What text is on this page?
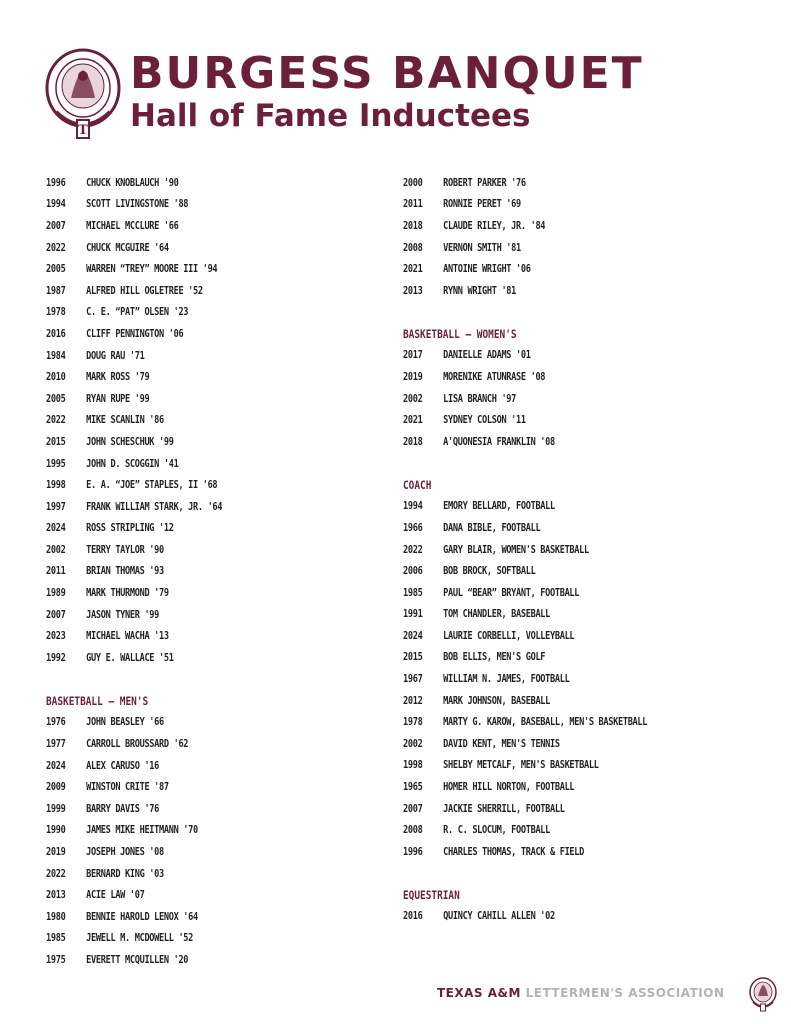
T
BURGESS BANQUET
Hall of Fame Inductees
1996	CHUCK KNOBLAUCH '90
1994	SCOTT LIVINGSTONE '88
2007	MICHAEL MCCLURE '66
2022	CHUCK MCGUIRE '64
2005	WARREN “TREY” MOORE III '94
1987	ALFRED HILL OGLETREE '52
1978	C. E. “PAT” OLSEN '23
2016	CLIFF PENNINGTON '06
1984	DOUG RAU '71
2010	MARK ROSS '79
2005	RYAN RUPE '99
2022	MIKE SCANLIN '86
2015	JOHN SCHESCHUK '99
1995	JOHN D. SCOGGIN '41
1998	E. A. “JOE” STAPLES, II '68
1997	FRANK WILLIAM STARK, JR. '64
2024	ROSS STRIPLING '12
2002	TERRY TAYLOR '90
2011	BRIAN THOMAS '93
1989	MARK THURMOND '79
2007	JASON TYNER '99
2023	MICHAEL WACHA '13
1992	GUY E. WALLACE '51
BASKETBALL – MEN'S
1976	JOHN BEASLEY '66
1977	CARROLL BROUSSARD '62
2024	ALEX CARUSO '16
2009	WINSTON CRITE '87
1999	BARRY DAVIS '76
1990	JAMES MIKE HEITMANN '70
2019	JOSEPH JONES '08
2022	BERNARD KING '03
2013	ACIE LAW '07
1980	BENNIE HAROLD LENOX '64
1985	JEWELL M. MCDOWELL '52
1975	EVERETT MCQUILLEN '20
2000	ROBERT PARKER '76
2011	RONNIE PERET '69
2018	CLAUDE RILEY, JR. '84
2008	VERNON SMITH '81
2021	ANTOINE WRIGHT '06
2013	RYNN WRIGHT '81
BASKETBALL – WOMEN'S
2017	DANIELLE ADAMS '01
2019	MORENIKE ATUNRASE '08
2002	LISA BRANCH '97
2021	SYDNEY COLSON '11
2018	A'QUONESIA FRANKLIN '08
COACH
1994	EMORY BELLARD, FOOTBALL
1966	DANA BIBLE, FOOTBALL
2022	GARY BLAIR, WOMEN'S BASKETBALL
2006	BOB BROCK, SOFTBALL
1985	PAUL “BEAR” BRYANT, FOOTBALL
1991	TOM CHANDLER, BASEBALL
2024	LAURIE CORBELLI, VOLLEYBALL
2015	BOB ELLIS, MEN'S GOLF
1967	WILLIAM N. JAMES, FOOTBALL
2012	MARK JOHNSON, BASEBALL
1978	MARTY G. KAROW, BASEBALL, MEN'S BASKETBALL
2002	DAVID KENT, MEN'S TENNIS
1998	SHELBY METCALF, MEN'S BASKETBALL
1965	HOMER HILL NORTON, FOOTBALL
2007	JACKIE SHERRILL, FOOTBALL
2008	R. C. SLOCUM, FOOTBALL
1996	CHARLES THOMAS, TRACK & FIELD
EQUESTRIAN
2016	QUINCY CAHILL ALLEN '02
TEXAS A&M LETTERMEN'S ASSOCIATION
